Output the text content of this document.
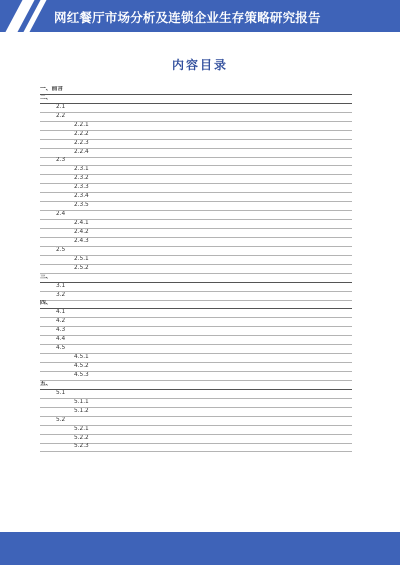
网红餐厅市场分析及连锁企业生存策略研究报告
内容目录
一、前言
二、
2.1
2.2
2.2.1
2.2.2
2.2.3
2.2.4
2.3
2.3.1
2.3.2
2.3.3
2.3.4
2.3.5
2.4
2.4.1
2.4.2
2.4.3
2.5
2.5.1
2.5.2
三、
3.1
3.2
四、
4.1
4.2
4.3
4.4
4.5
4.5.1
4.5.2
4.5.3
五、
5.1
5.1.1
5.1.2
5.2
5.2.1
5.2.2
5.2.3
